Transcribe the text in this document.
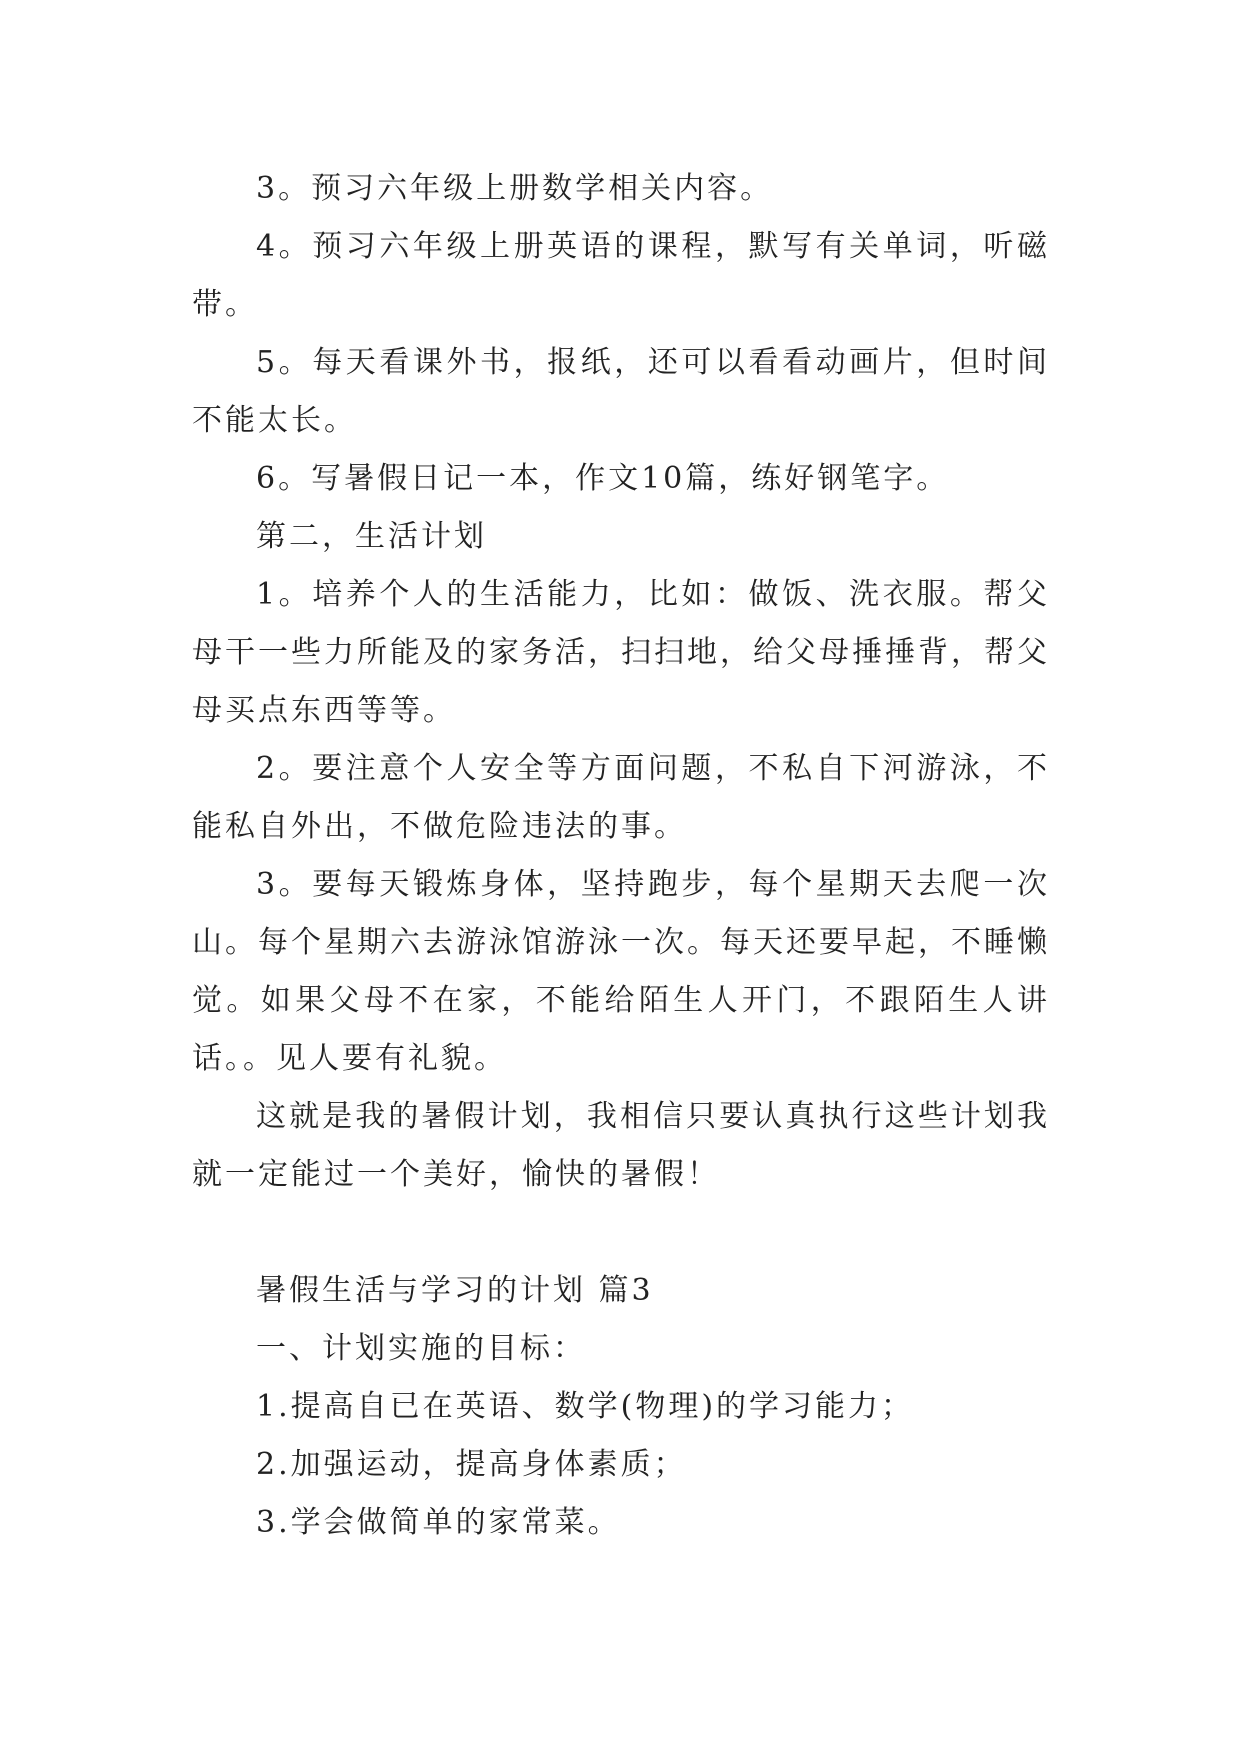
3。预习六年级上册数学相关内容。

4。预习六年级上册英语的课程，默写有关单词，听磁带。

5。每天看课外书，报纸，还可以看看动画片，但时间不能太长。

6。写暑假日记一本，作文10篇，练好钢笔字。

第二，生活计划

1。培养个人的生活能力，比如：做饭、洗衣服。帮父母干一些力所能及的家务活，扫扫地，给父母捶捶背，帮父母买点东西等等。

2。要注意个人安全等方面问题，不私自下河游泳，不能私自外出，不做危险违法的事。

3。要每天锻炼身体，坚持跑步，每个星期天去爬一次山。每个星期六去游泳馆游泳一次。每天还要早起，不睡懒觉。如果父母不在家，不能给陌生人开门，不跟陌生人讲话。。见人要有礼貌。

这就是我的暑假计划，我相信只要认真执行这些计划我就一定能过一个美好，愉快的暑假！

暑假生活与学习的计划 篇3

一、计划实施的目标：

1.提高自已在英语、数学(物理)的学习能力；

2.加强运动，提高身体素质；

3.学会做简单的家常菜。
